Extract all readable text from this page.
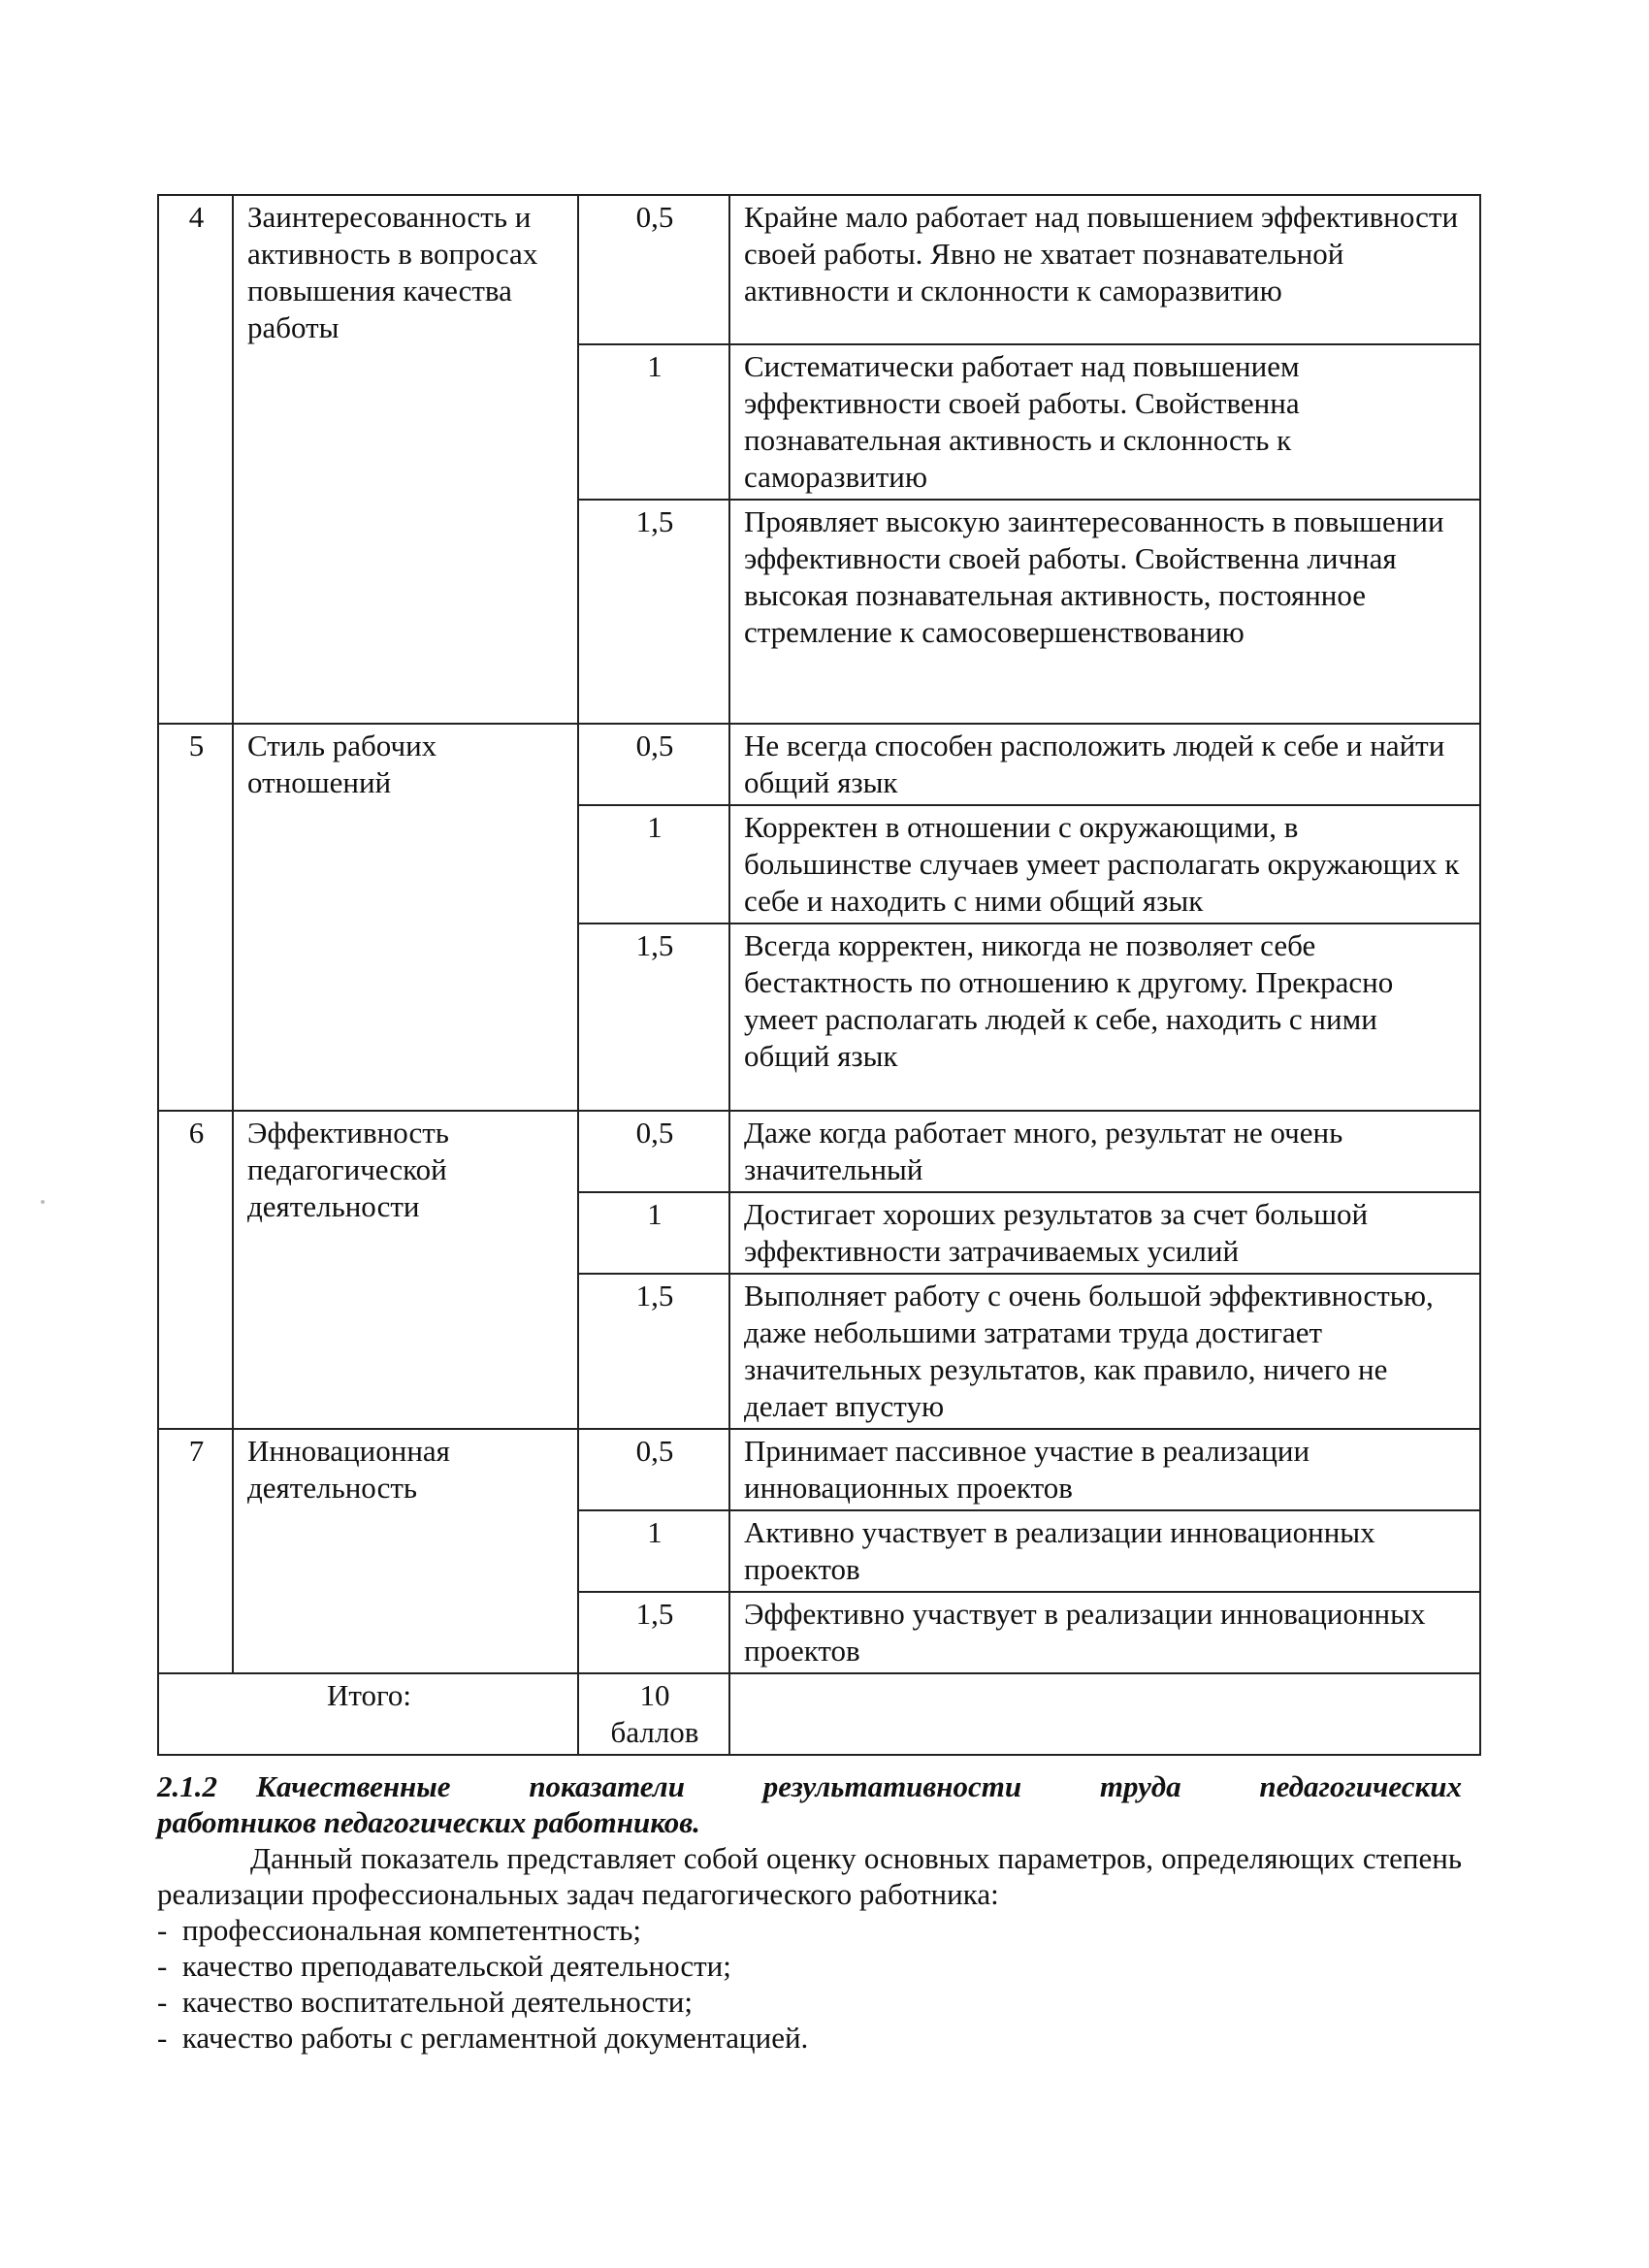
4	Заинтересованность и активность в вопросах повышения качества работы	0,5	Крайне мало работает над повышением эффективности своей работы. Явно не хватает познавательной активности и склонности к саморазвитию
		1	Систематически работает над повышением эффективности своей работы. Свойственна познавательная активность и склонность к саморазвитию
		1,5	Проявляет высокую заинтересованность в повышении эффективности своей работы. Свойственна личная высокая познавательная активность, постоянное стремление к самосовершенствованию
5	Стиль рабочих отношений	0,5	Не всегда способен расположить людей к себе и найти общий язык
		1	Корректен в отношении с окружающими, в большинстве случаев умеет располагать окружающих к себе и находить с ними общий язык
		1,5	Всегда корректен, никогда не позволяет себе бестактность по отношению к другому. Прекрасно умеет располагать людей к себе, находить с ними общий язык
6	Эффективность педагогической деятельности	0,5	Даже когда работает много, результат не очень значительный
		1	Достигает хороших результатов за счет большой эффективности затрачиваемых усилий
		1,5	Выполняет работу с очень большой эффективностью, даже небольшими затратами труда достигает значительных результатов, как правило, ничего не делает впустую
7	Инновационная деятельность	0,5	Принимает пассивное участие в реализации инновационных проектов
		1	Активно участвует в реализации инновационных проектов
		1,5	Эффективно участвует в реализации инновационных проектов
Итого:		10 баллов	
2.1.2 Качественные показатели результативности труда педагогических
работников педагогических работников.
Данный показатель представляет собой оценку основных параметров, определяющих степень реализации профессиональных задач педагогического работника:
- профессиональная компетентность;
- качество преподавательской деятельности;
- качество воспитательной деятельности;
- качество работы с регламентной документацией.
